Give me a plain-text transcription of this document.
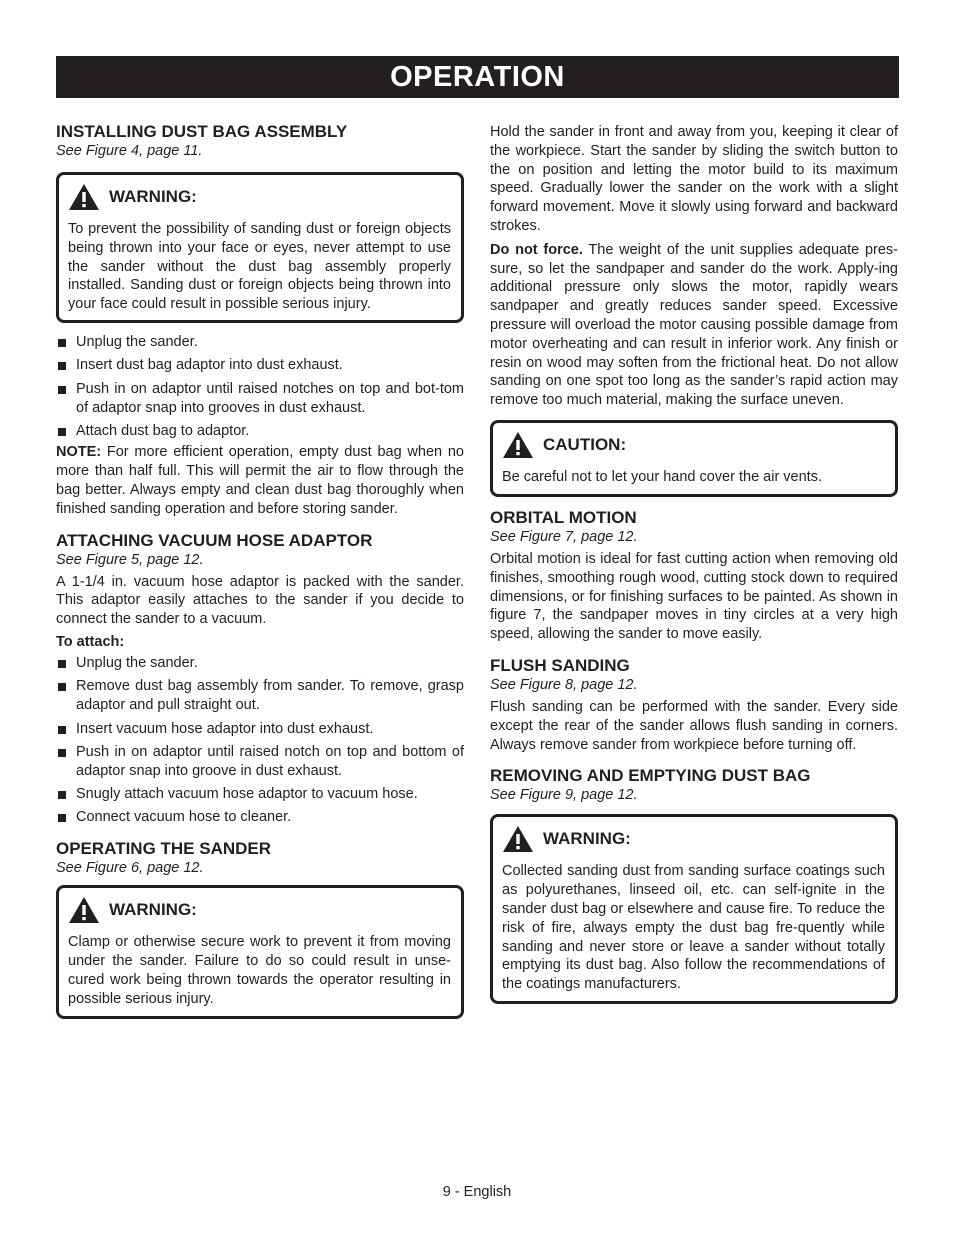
OPERATION
INSTALLING DUST BAG ASSEMBLY
See Figure 4, page 11.
WARNING:

To prevent the possibility of sanding dust or foreign objects being thrown into your face or eyes, never attempt to use the sander without the dust bag assembly properly installed. Sanding dust or foreign objects being thrown into your face could result in possible serious injury.

Unplug the sander.
Insert dust bag adaptor into dust exhaust.
Push in on adaptor until raised notches on top and bot-tom of adaptor snap into grooves in dust exhaust.
Attach dust bag to adaptor.

NOTE: For more efficient operation, empty dust bag when no more than half full. This will permit the air to flow through the bag better. Always empty and clean dust bag thoroughly when finished sanding operation and before storing sander.

ATTACHING VACUUM HOSE ADAPTOR
See Figure 5, page 12.

A 1-1/4 in. vacuum hose adaptor is packed with the sander. This adaptor easily attaches to the sander if you decide to connect the sander to a vacuum.

To attach:
Unplug the sander.
Remove dust bag assembly from sander. To remove, grasp adaptor and pull straight out.
Insert vacuum hose adaptor into dust exhaust.
Push in on adaptor until raised notch on top and bottom of adaptor snap into groove in dust exhaust.
Snugly attach vacuum hose adaptor to vacuum hose.
Connect vacuum hose to cleaner.
OPERATING THE SANDER
See Figure 6, page 12.
WARNING:

Clamp or otherwise secure work to prevent it from moving under the sander. Failure to do so could result in unse-cured work being thrown towards the operator resulting in possible serious injury.

Hold the sander in front and away from you, keeping it clear of the workpiece. Start the sander by sliding the switch button to the on position and letting the motor build to its maximum speed. Gradually lower the sander on the work with a slight forward movement. Move it slowly using forward and backward strokes.

Do not force. The weight of the unit supplies adequate pres-sure, so let the sandpaper and sander do the work. Apply-ing additional pressure only slows the motor, rapidly wears sandpaper and greatly reduces sander speed. Excessive pressure will overload the motor causing possible damage from motor overheating and can result in inferior work. Any finish or resin on wood may soften from the frictional heat. Do not allow sanding on one spot too long as the sander’s rapid action may remove too much material, making the surface uneven.

CAUTION:

Be careful not to let your hand cover the air vents.

ORBITAL MOTION
See Figure 7, page 12.

Orbital motion is ideal for fast cutting action when removing old finishes, smoothing rough wood, cutting stock down to required dimensions, or for finishing surfaces to be painted. As shown in figure 7, the sandpaper moves in tiny circles at a very high speed, allowing the sander to move easily.

FLUSH SANDING
See Figure 8, page 12.

Flush sanding can be performed with the sander. Every side except the rear of the sander allows flush sanding in corners. Always remove sander from workpiece before turning off.

REMOVING AND EMPTYING DUST BAG
See Figure 9, page 12.
WARNING:

Collected sanding dust from sanding surface coatings such as polyurethanes, linseed oil, etc. can self-ignite in the sander dust bag or elsewhere and cause fire. To reduce the risk of fire, always empty the dust bag fre-quently while sanding and never store or leave a sander without totally emptying its dust bag. Also follow the recommendations of the coatings manufacturers.

9 - English
